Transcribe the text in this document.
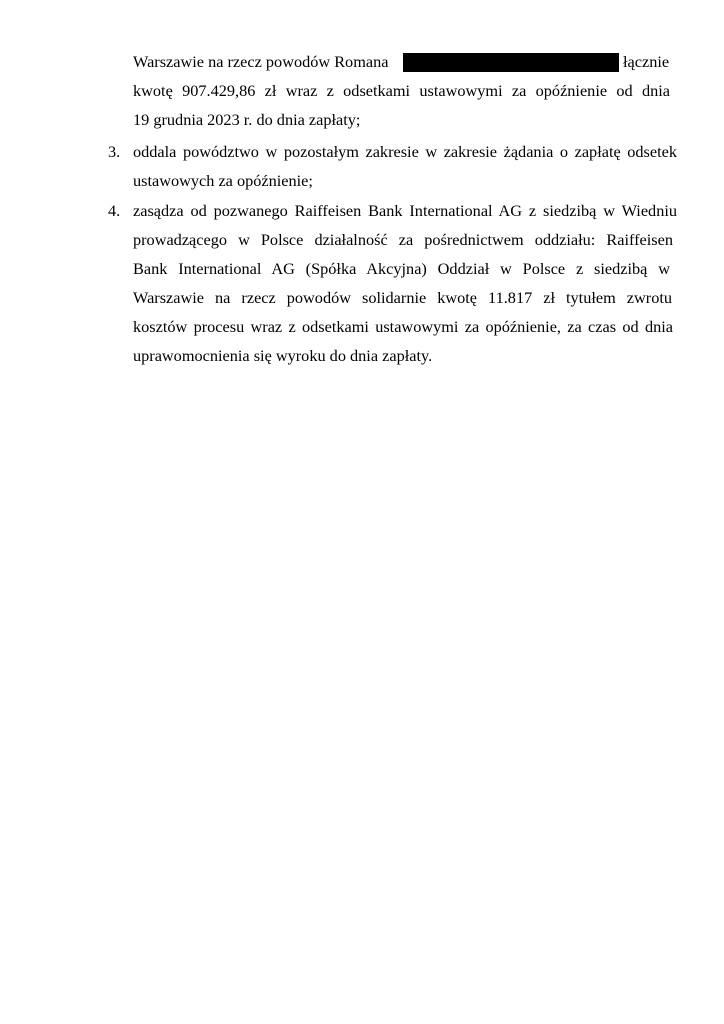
Warszawie na rzecz powodów Romana	łącznie
kwotę 907.429,86 zł wraz z odsetkami ustawowymi za opóźnienie od dnia
19 grudnia 2023 r. do dnia zapłaty;
3. oddala powództwo w pozostałym zakresie w zakresie żądania o zapłatę odsetek
ustawowych za opóźnienie;
4. zasądza od pozwanego Raiffeisen Bank International AG z siedzibą w Wiedniu
prowadzącego w Polsce działalność za pośrednictwem oddziału: Raiffeisen
Bank International AG (Spółka Akcyjna) Oddział w Polsce z siedzibą w
Warszawie na rzecz powodów solidarnie kwotę 11.817 zł tytułem zwrotu
kosztów procesu wraz z odsetkami ustawowymi za opóźnienie, za czas od dnia
uprawomocnienia się wyroku do dnia zapłaty.
